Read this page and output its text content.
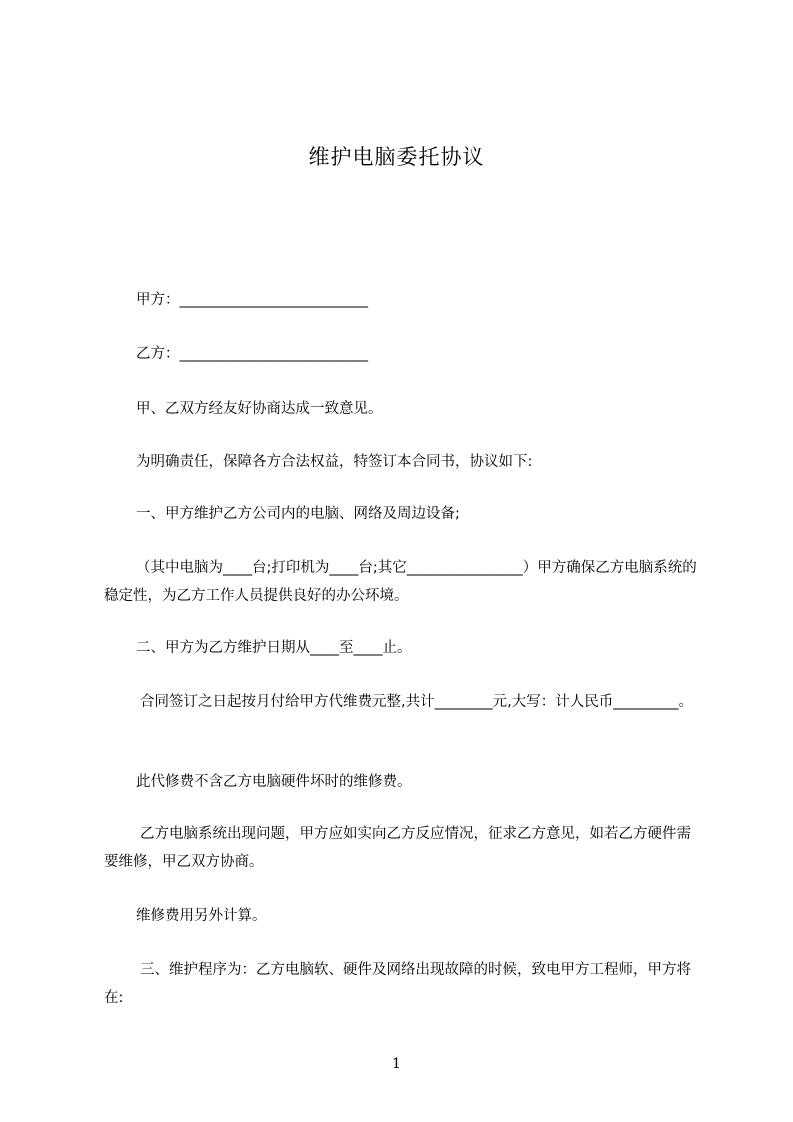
维护电脑委托协议
甲方：__________________________
乙方：__________________________
甲、乙双方经友好协商达成一致意见。
为明确责任，保障各方合法权益，特签订本合同书，协议如下:
一、甲方维护乙方公司内的电脑、网络及周边设备;
（其中电脑为____台;打印机为____台;其它________________）甲方确保乙方电脑系统的稳定性，为乙方工作人员提供良好的办公环境。
二、甲方为乙方维护日期从____至____止。
合同签订之日起按月付给甲方代维费元整,共计________元,大写：计人民币_________。
此代修费不含乙方电脑硬件坏时的维修费。
乙方电脑系统出现问题，甲方应如实向乙方反应情况，征求乙方意见，如若乙方硬件需要维修，甲乙双方协商。
维修费用另外计算。
三、维护程序为：乙方电脑软、硬件及网络出现故障的时候，致电甲方工程师，甲方将在:
1
